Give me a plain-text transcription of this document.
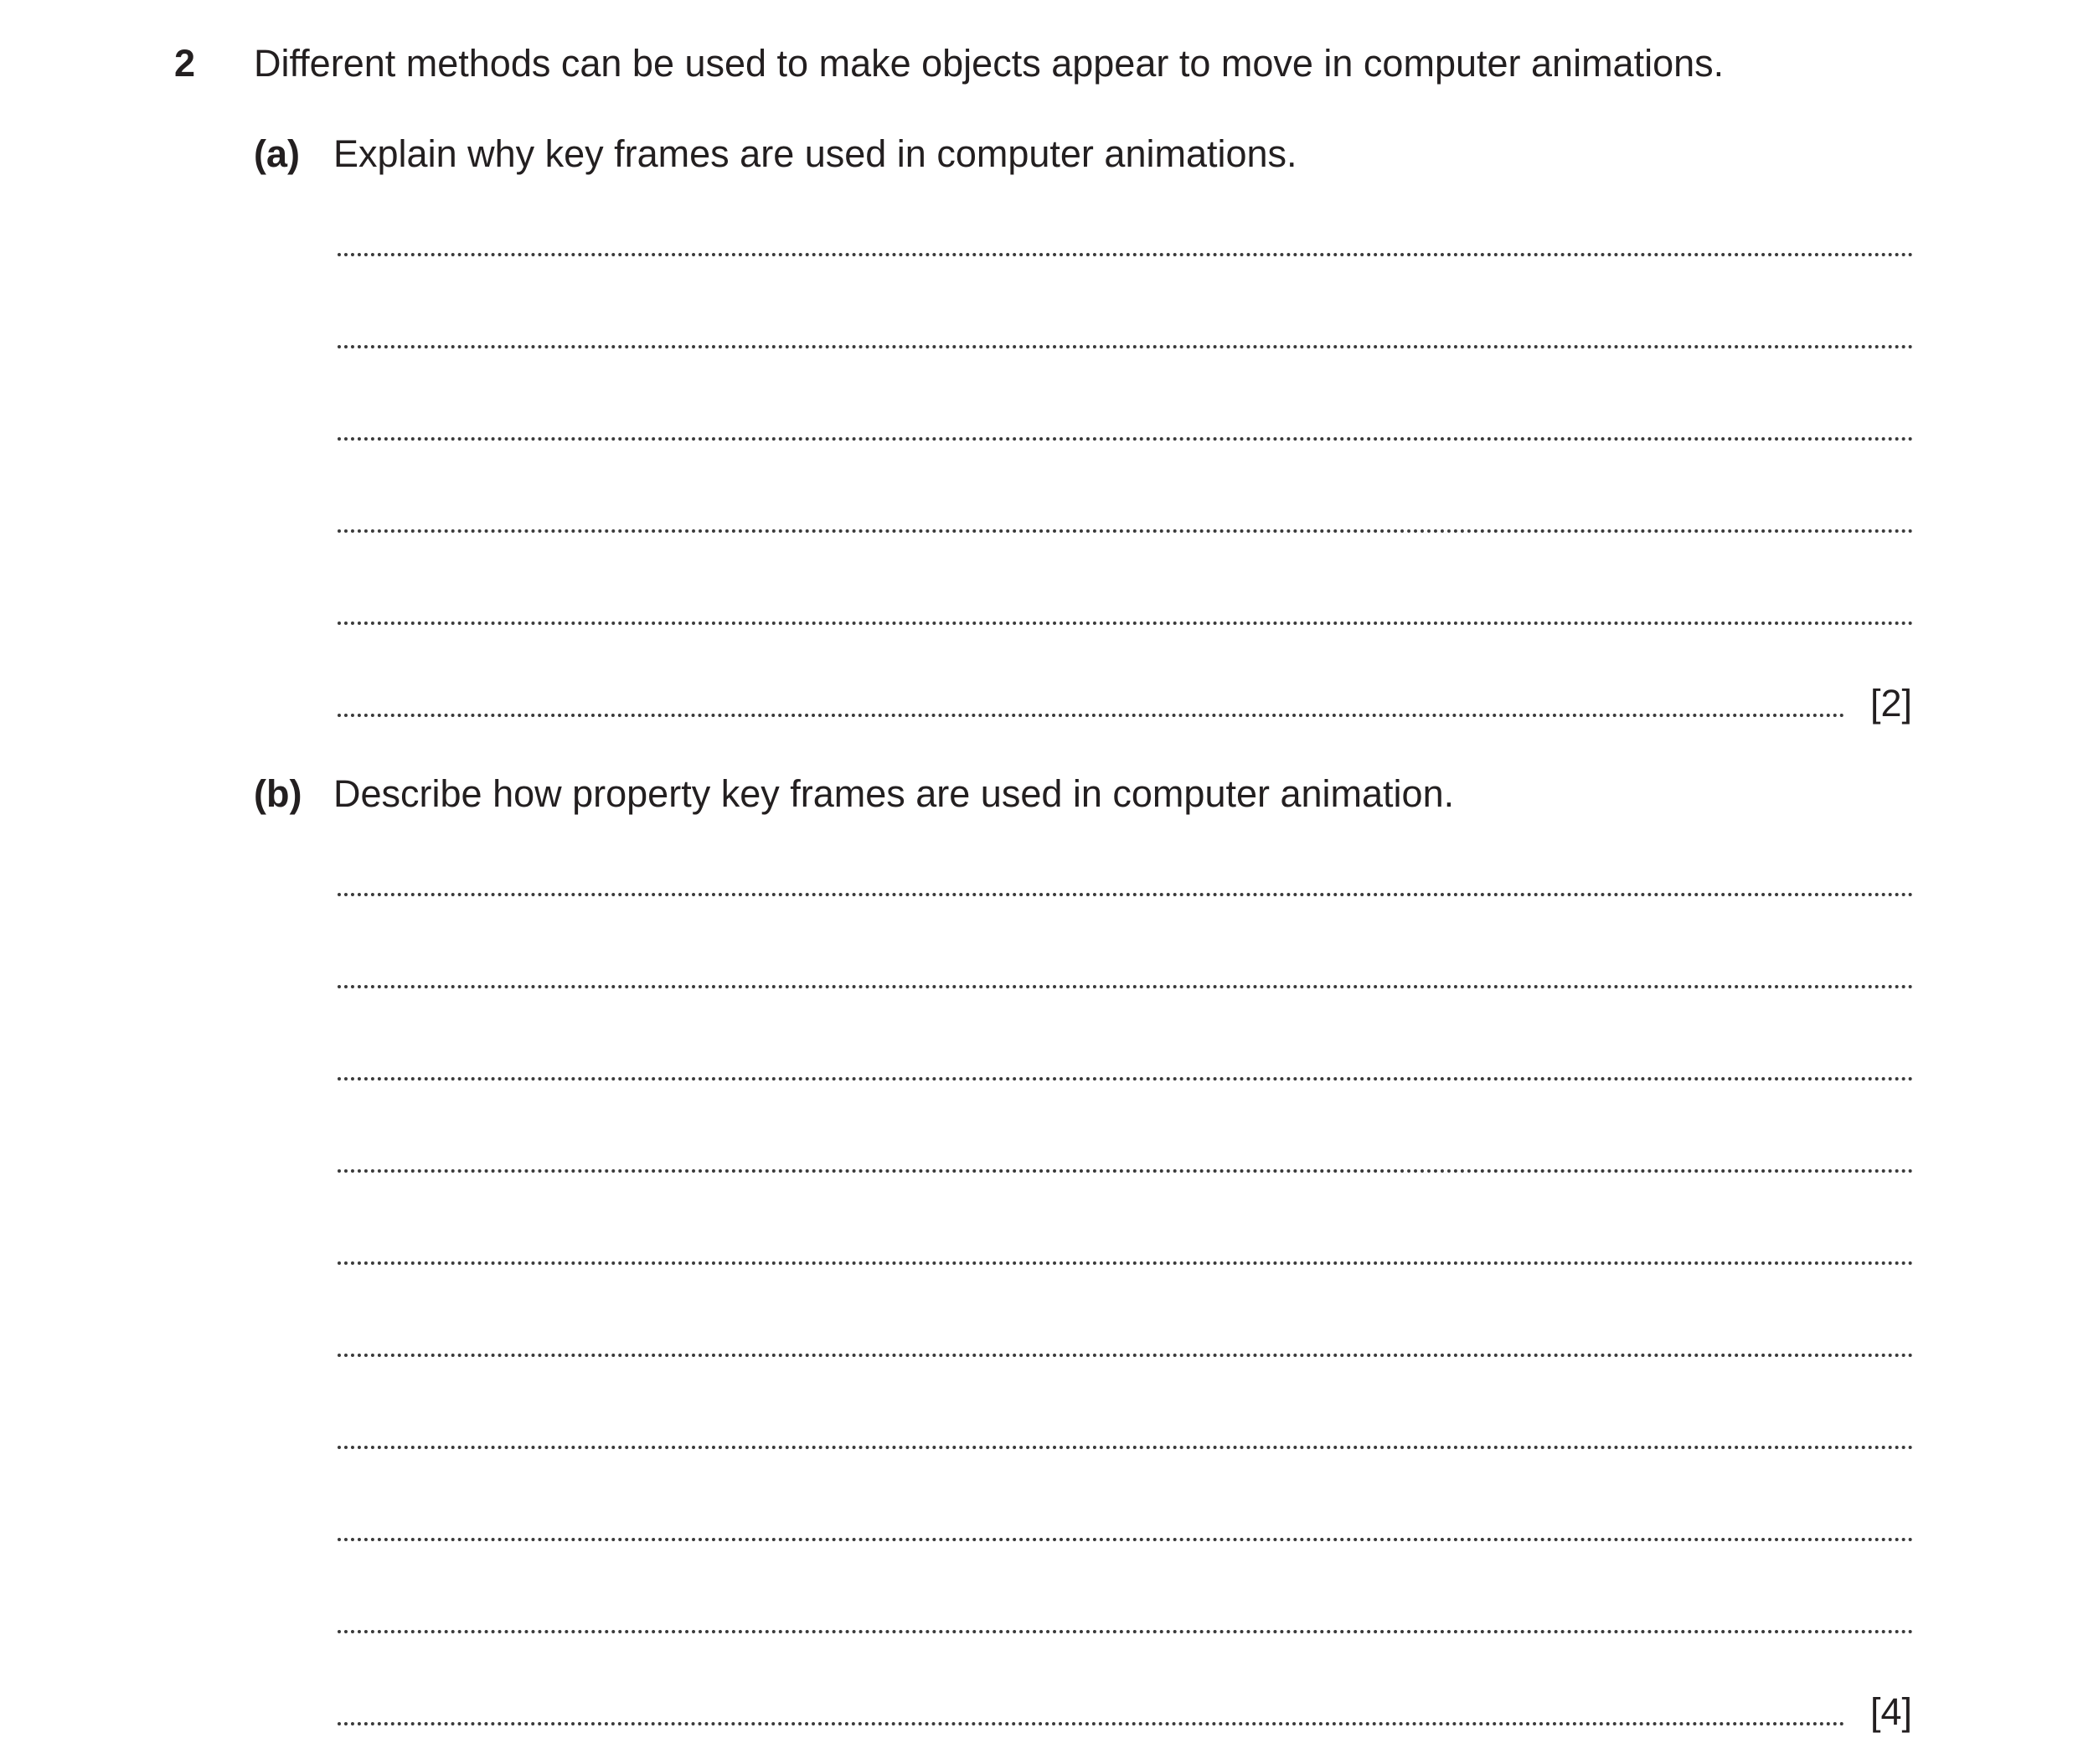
2 Different methods can be used to make objects appear to move in computer animations.
(a) Explain why key frames are used in computer animations.
[2]
(b) Describe how property key frames are used in computer animation.
[4]
